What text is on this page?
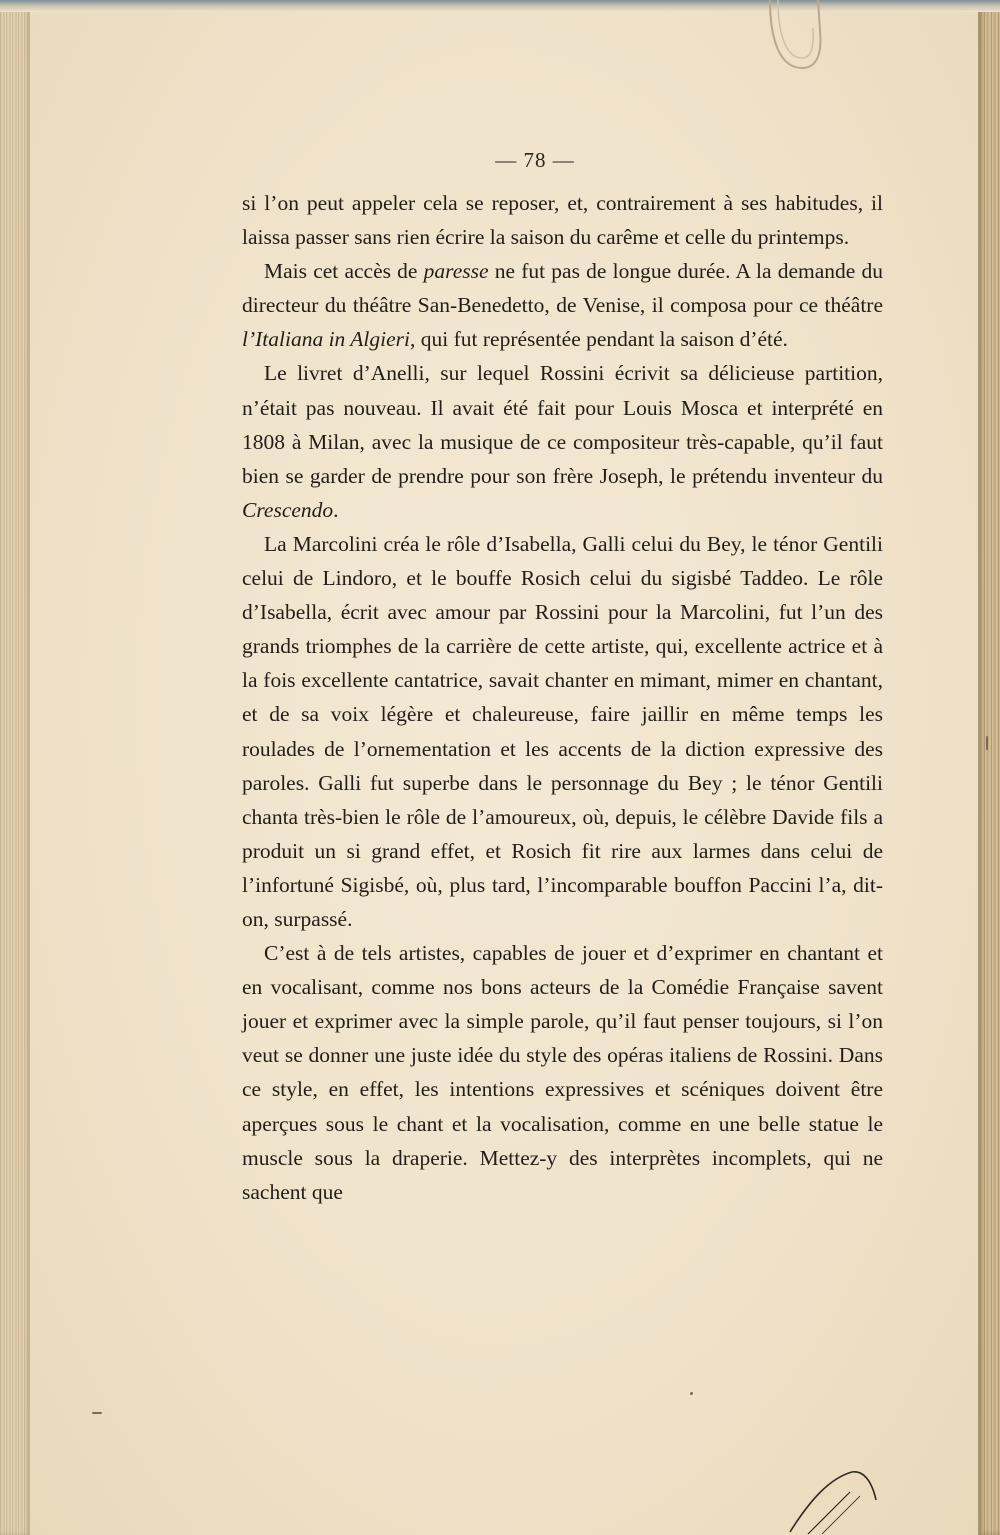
— 78 —

si l’on peut appeler cela se reposer, et, contrairement à ses habitudes, il laissa passer sans rien écrire la saison du carême et celle du printemps.

Mais cet accès de paresse ne fut pas de longue durée. A la demande du directeur du théâtre San-Benedetto, de Venise, il composa pour ce théâtre l’Italiana in Algieri, qui fut représentée pendant la saison d’été.

Le livret d’Anelli, sur lequel Rossini écrivit sa délicieuse partition, n’était pas nouveau. Il avait été fait pour Louis Mosca et interprété en 1808 à Milan, avec la musique de ce compositeur très-capable, qu’il faut bien se garder de prendre pour son frère Joseph, le prétendu inventeur du Crescendo.

La Marcolini créa le rôle d’Isabella, Galli celui du Bey, le ténor Gentili celui de Lindoro, et le bouffe Rosich celui du sigisbé Taddeo. Le rôle d’Isabella, écrit avec amour par Rossini pour la Marcolini, fut l’un des grands triomphes de la carrière de cette artiste, qui, excellente actrice et à la fois excellente cantatrice, savait chanter en mimant, mimer en chantant, et de sa voix légère et chaleureuse, faire jaillir en même temps les roulades de l’ornementation et les accents de la diction expressive des paroles. Galli fut superbe dans le personnage du Bey ; le ténor Gentili chanta très-bien le rôle de l’amoureux, où, depuis, le célèbre Davide fils a produit un si grand effet, et Rosich fit rire aux larmes dans celui de l’infortuné Sigisbé, où, plus tard, l’incomparable bouffon Paccini l’a, dit-on, surpassé.

C’est à de tels artistes, capables de jouer et d’exprimer en chantant et en vocalisant, comme nos bons acteurs de la Comédie Française savent jouer et exprimer avec la simple parole, qu’il faut penser toujours, si l’on veut se donner une juste idée du style des opéras italiens de Rossini. Dans ce style, en effet, les intentions expressives et scéniques doivent être aperçues sous le chant et la vocalisation, comme en une belle statue le muscle sous la draperie. Mettez-y des interprètes incomplets, qui ne sachent que
